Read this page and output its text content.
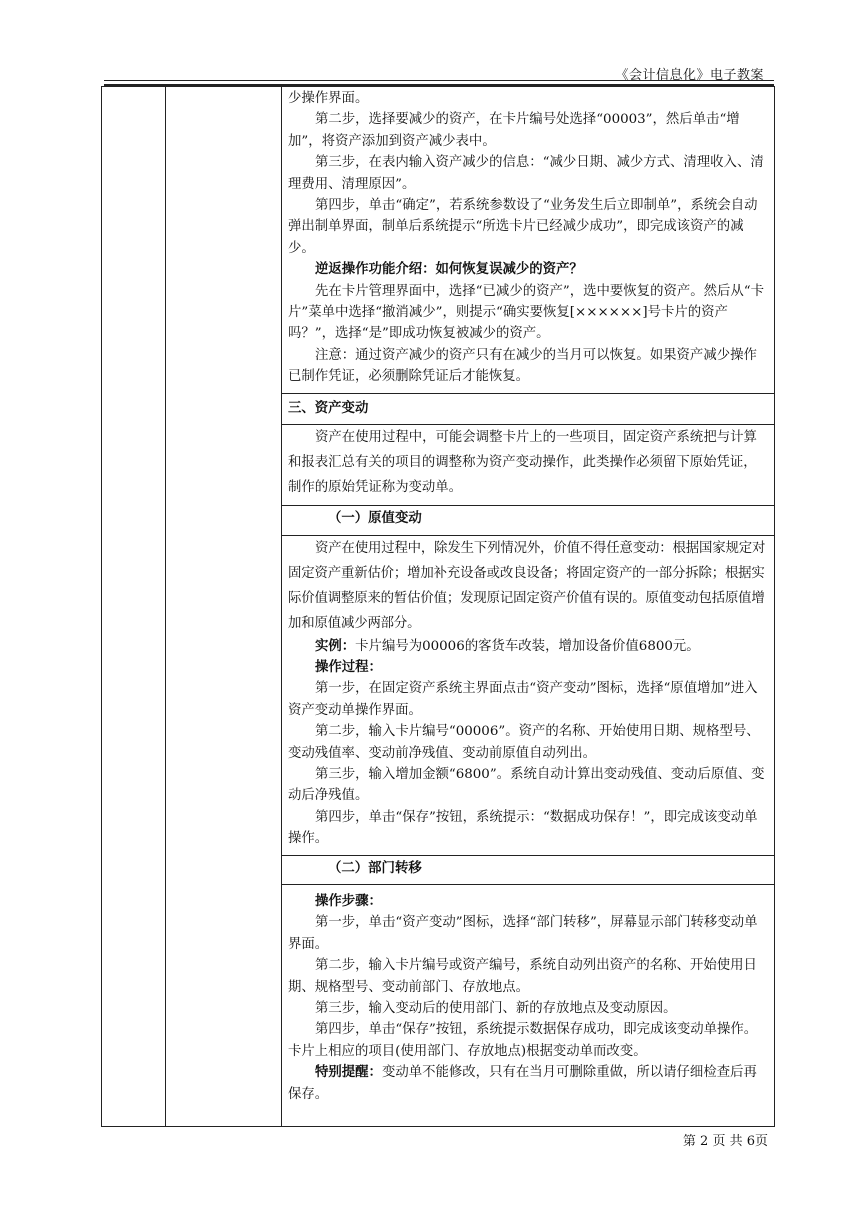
《会计信息化》电子教案

少操作界面。

第二步，选择要减少的资产，在卡片编号处选择“00003”，然后单击“增加”，将资产添加到资产减少表中。

第三步，在表内输入资产减少的信息：“减少日期、减少方式、清理收入、清理费用、清理原因”。

第四步，单击“确定”，若系统参数设了“业务发生后立即制单”，系统会自动弹出制单界面，制单后系统提示“所选卡片已经减少成功”，即完成该资产的减少。

逆返操作功能介绍：如何恢复误减少的资产？

先在卡片管理界面中，选择“已减少的资产”，选中要恢复的资产。然后从“卡片”菜单中选择“撤消减少”，则提示“确实要恢复[××××××]号卡片的资产吗？”，选择“是”即成功恢复被减少的资产。

注意：通过资产减少的资产只有在减少的当月可以恢复。如果资产减少操作已制作凭证，必须删除凭证后才能恢复。

三、资产变动

资产在使用过程中，可能会调整卡片上的一些项目，固定资产系统把与计算和报表汇总有关的项目的调整称为资产变动操作，此类操作必须留下原始凭证，制作的原始凭证称为变动单。

（一）原值变动

资产在使用过程中，除发生下列情况外，价值不得任意变动：根据国家规定对固定资产重新估价；增加补充设备或改良设备；将固定资产的一部分拆除；根据实际价值调整原来的暂估价值；发现原记固定资产价值有误的。原值变动包括原值增加和原值减少两部分。

实例：卡片编号为00006的客货车改装，增加设备价值6800元。

操作过程：

第一步，在固定资产系统主界面点击“资产变动”图标，选择“原值增加”进入资产变动单操作界面。

第二步，输入卡片编号“00006”。资产的名称、开始使用日期、规格型号、变动残值率、变动前净残值、变动前原值自动列出。

第三步，输入增加金额“6800”。系统自动计算出变动残值、变动后原值、变动后净残值。

第四步，单击“保存”按钮，系统提示：“数据成功保存！”，即完成该变动单操作。

（二）部门转移

操作步骤：

第一步，单击“资产变动”图标，选择“部门转移”，屏幕显示部门转移变动单界面。

第二步，输入卡片编号或资产编号，系统自动列出资产的名称、开始使用日期、规格型号、变动前部门、存放地点。

第三步，输入变动后的使用部门、新的存放地点及变动原因。

第四步，单击“保存”按钮，系统提示数据保存成功，即完成该变动单操作。卡片上相应的项目(使用部门、存放地点)根据变动单而改变。

特别提醒：变动单不能修改，只有在当月可删除重做，所以请仔细检查后再保存。

第 2 页 共 6页
